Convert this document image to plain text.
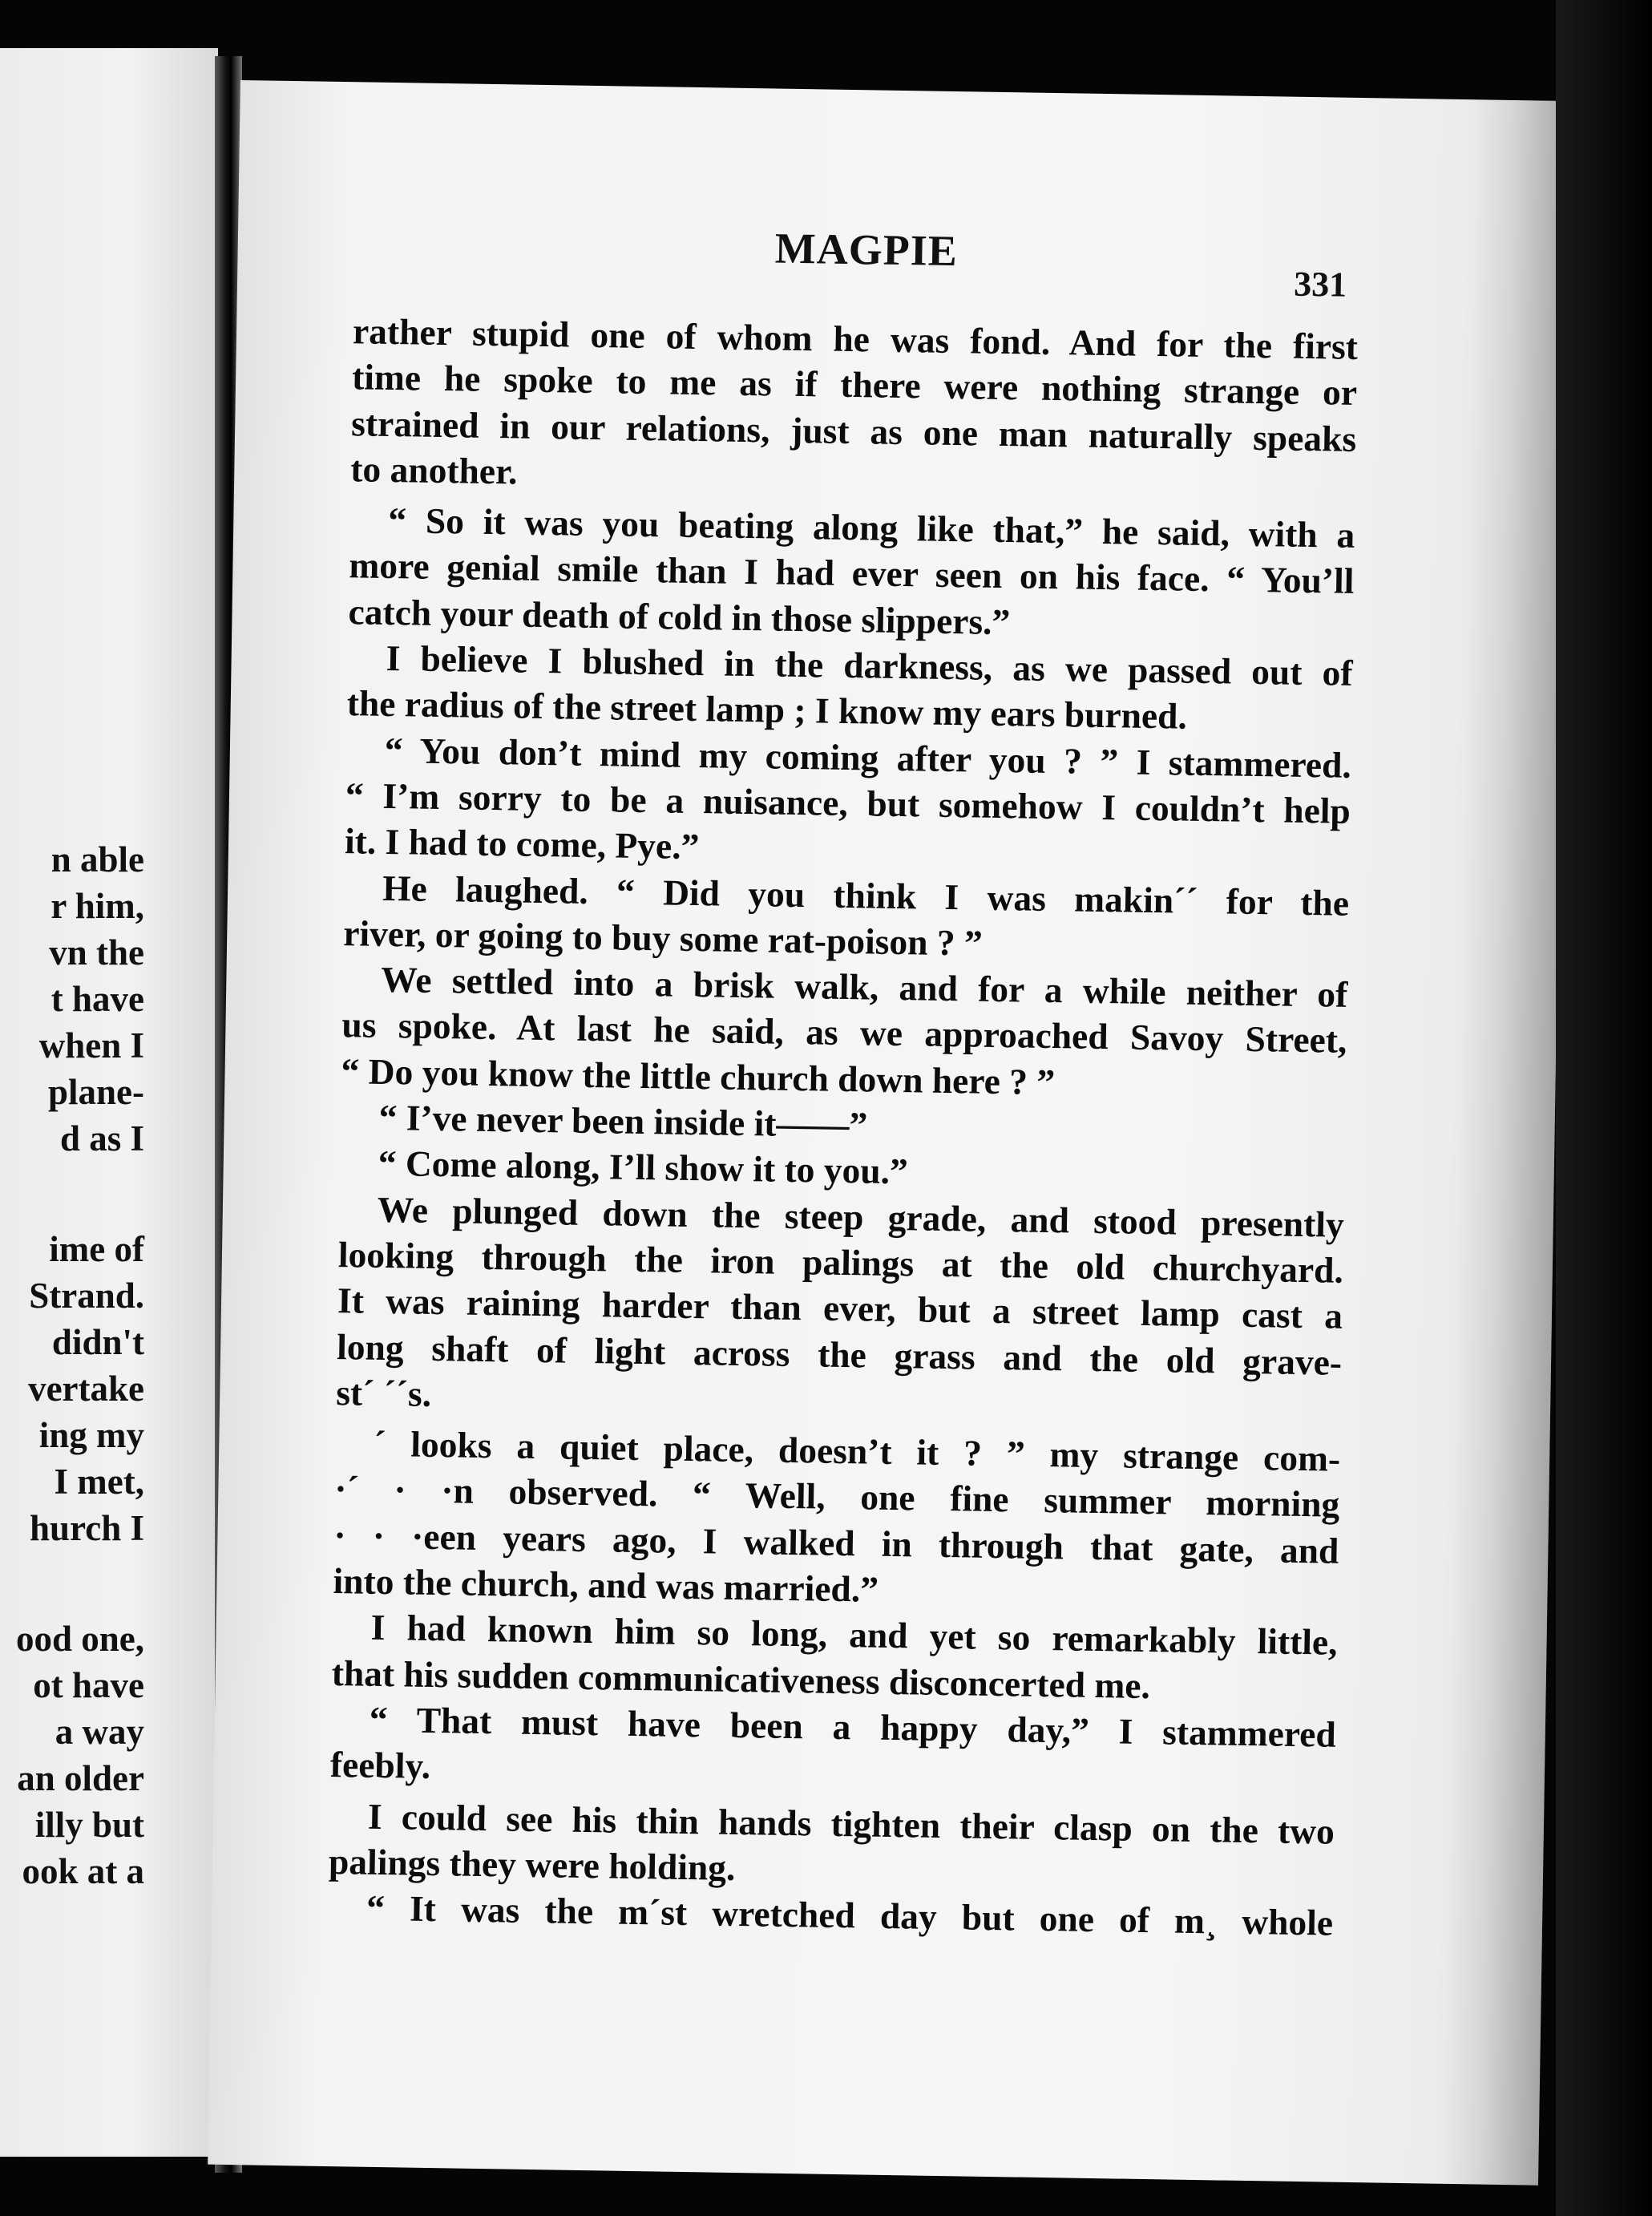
n able
r him,
vn the
t have
when I
plane-
d as I
ime of
Strand.
didn't
vertake
ing my
I met,
hurch I
ood one,
ot have
a way
an older
illy but
ook at a
MAGPIE
331
rather stupid one of whom he was fond. And for the first
time he spoke to me as if there were nothing strange or
strained in our relations, just as one man naturally speaks
to another.
“ So it was you beating along like that,” he said, with a
more genial smile than I had ever seen on his face. “ You’ll
catch your death of cold in those slippers.”
I believe I blushed in the darkness, as we passed out of
the radius of the street lamp ; I know my ears burned.
“ You don’t mind my coming after you ? ” I stammered.
“ I’m sorry to be a nuisance, but somehow I couldn’t help
it. I had to come, Pye.”
He laughed. “ Did you think I was makin´´ for the
river, or going to buy some rat-poison ? ”
We settled into a brisk walk, and for a while neither of
us spoke. At last he said, as we approached Savoy Street,
“ Do you know the little church down here ? ”
“ I’ve never been inside it——”
“ Come along, I’ll show it to you.”
We plunged down the steep grade, and stood presently
looking through the iron palings at the old churchyard.
It was raining harder than ever, but a street lamp cast a
long shaft of light across the grass and the old grave-
st´ ´´s.
´ looks a quiet place, doesn’t it ? ” my strange com-
·´ · ·n observed. “ Well, one fine summer morning
· · ·een years ago, I walked in through that gate, and
into the church, and was married.”
I had known him so long, and yet so remarkably little,
that his sudden communicativeness disconcerted me.
“ That must have been a happy day,” I stammered
feebly.
I could see his thin hands tighten their clasp on the two
palings they were holding.
“ It was the m´st wretched day but one of m¸ whole
